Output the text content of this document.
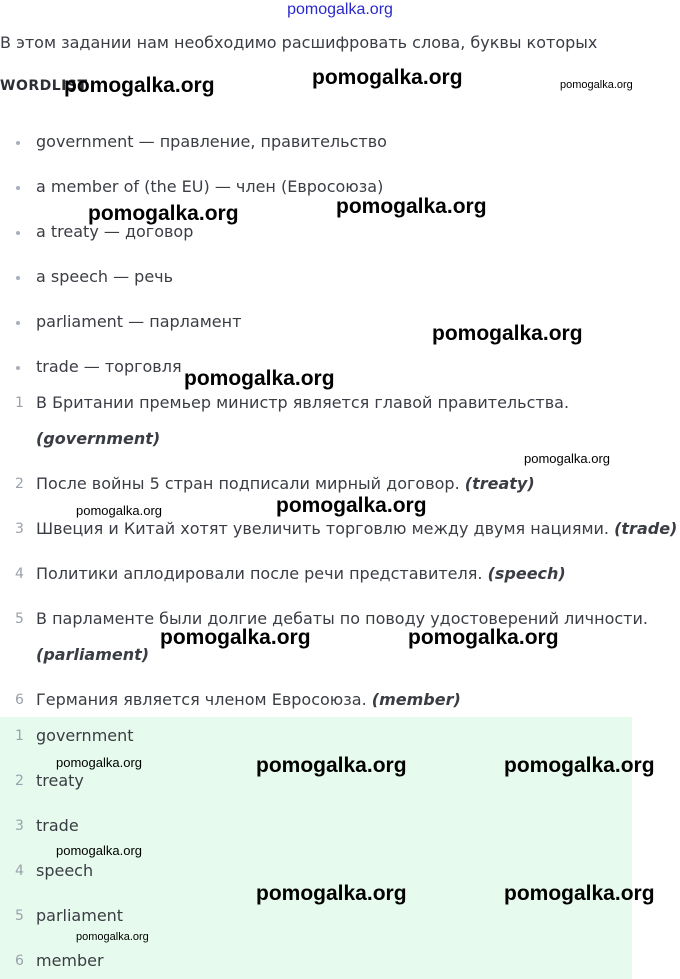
pomogalka.org
В этом задании нам необходимо расшифровать слова, буквы которых
WORDLIST
government — правление, правительство
a member of (the EU) — член (Евросоюза)
a treaty — договор
a speech — речь
parliament — парламент
trade — торговля
1 В Британии премьер министр является главой правительства.
(government)
2 После войны 5 стран подписали мирный договор. (treaty)
3 Швеция и Китай хотят увеличить торговлю между двумя нациями. (trade)
4 Политики аплодировали после речи представителя. (speech)
5 В парламенте были долгие дебаты по поводу удостоверений личности.
(parliament)
6 Германия является членом Евросоюза. (member)
1 government
2 treaty
3 trade
4 speech
5 parliament
6 member
pomogalka.org	pomogalka.org	pomogalka.org
pomogalka.org	pomogalka.org
pomogalka.org
pomogalka.org
pomogalka.org
pomogalka.org
pomogalka.org
pomogalka.org	pomogalka.org
pomogalka.org	pomogalka.org	pomogalka.org
pomogalka.org
pomogalka.org	pomogalka.org
pomogalka.org
